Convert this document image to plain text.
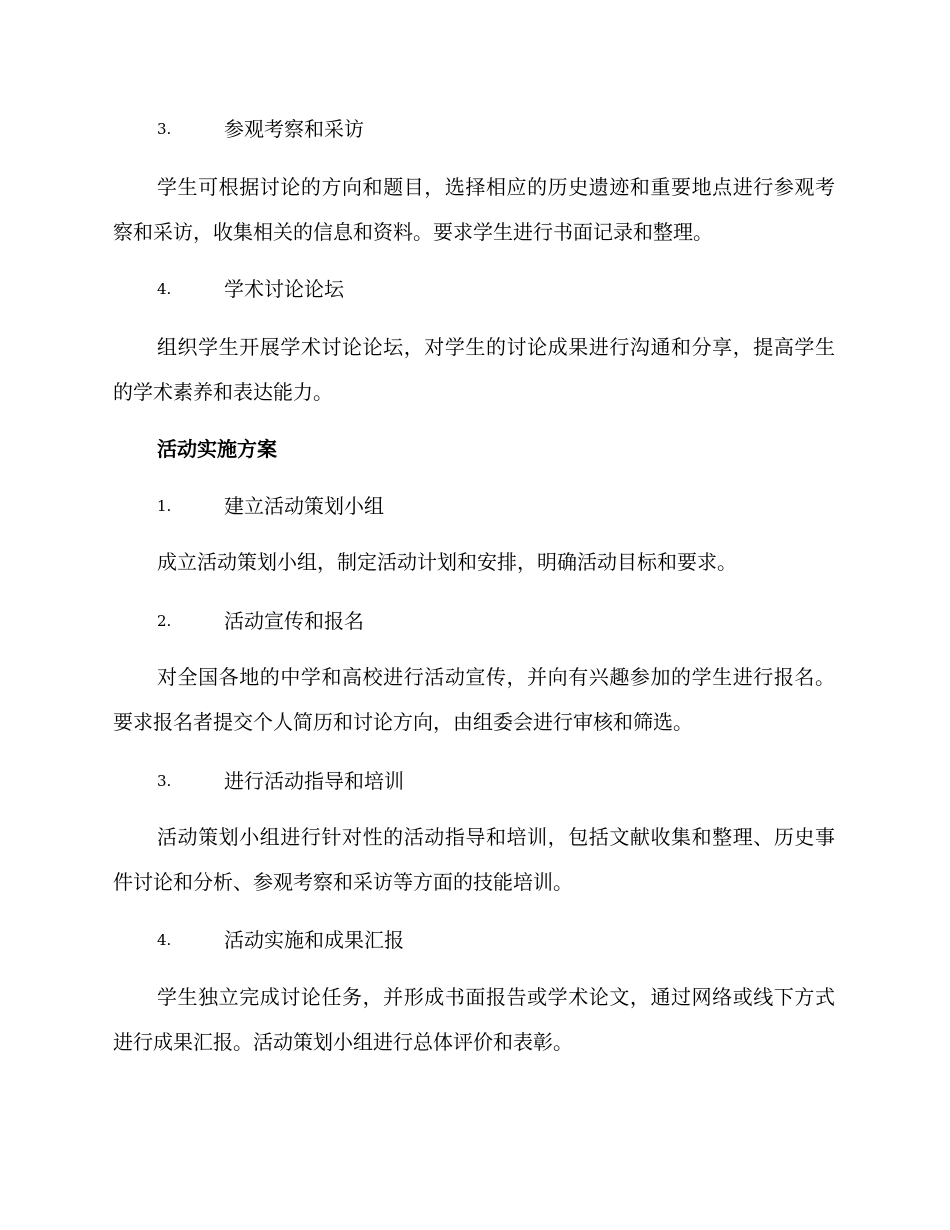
3.	参观考察和采访

学生可根据讨论的方向和题目，选择相应的历史遗迹和重要地点进行参观考察和采访，收集相关的信息和资料。要求学生进行书面记录和整理。

4.	学术讨论论坛

组织学生开展学术讨论论坛，对学生的讨论成果进行沟通和分享，提高学生的学术素养和表达能力。

活动实施方案
1.	建立活动策划小组

成立活动策划小组，制定活动计划和安排，明确活动目标和要求。

2.	活动宣传和报名

对全国各地的中学和高校进行活动宣传，并向有兴趣参加的学生进行报名。要求报名者提交个人简历和讨论方向，由组委会进行审核和筛选。

3.	进行活动指导和培训

活动策划小组进行针对性的活动指导和培训，包括文献收集和整理、历史事件讨论和分析、参观考察和采访等方面的技能培训。

4.	活动实施和成果汇报

学生独立完成讨论任务，并形成书面报告或学术论文，通过网络或线下方式进行成果汇报。活动策划小组进行总体评价和表彰。
